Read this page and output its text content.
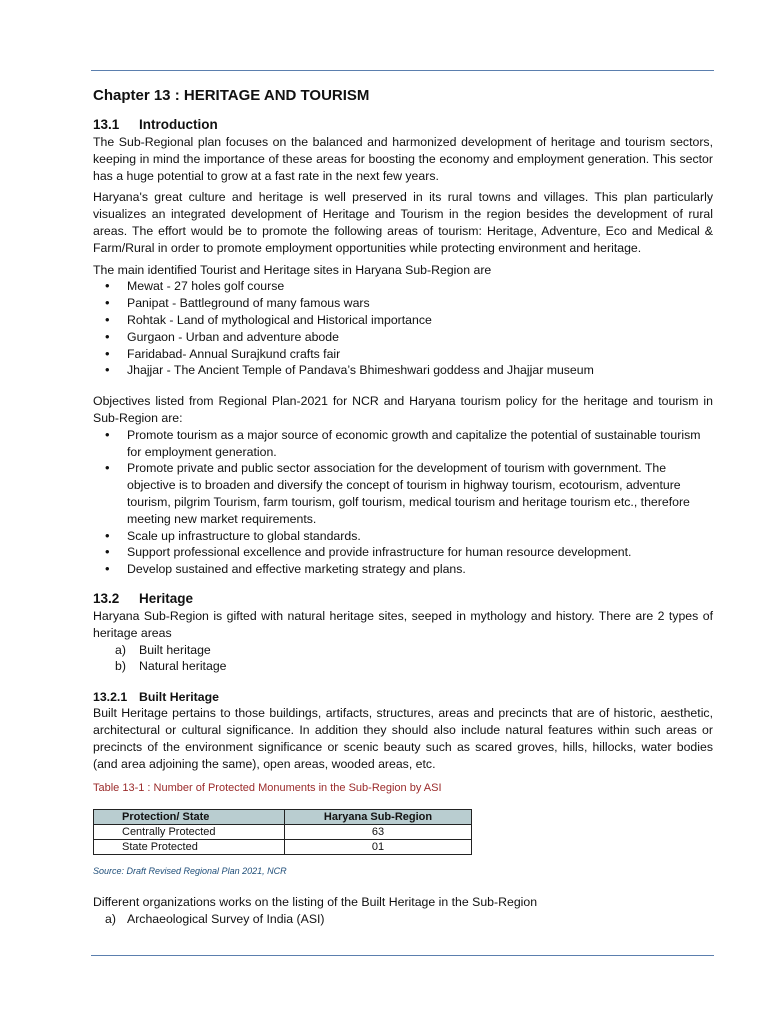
Chapter 13 : HERITAGE AND TOURISM
13.1 Introduction

The Sub-Regional plan focuses on the balanced and harmonized development of heritage and tourism sectors, keeping in mind the importance of these areas for boosting the economy and employment generation. This sector has a huge potential to grow at a fast rate in the next few years.

Haryana's great culture and heritage is well preserved in its rural towns and villages. This plan particularly visualizes an integrated development of Heritage and Tourism in the region besides the development of rural areas. The effort would be to promote the following areas of tourism: Heritage, Adventure, Eco and Medical & Farm/Rural in order to promote employment opportunities while protecting environment and heritage.

The main identified Tourist and Heritage sites in Haryana Sub-Region are

• Mewat - 27 holes golf course
• Panipat - Battleground of many famous wars
• Rohtak - Land of mythological and Historical importance
• Gurgaon - Urban and adventure abode
• Faridabad- Annual Surajkund crafts fair
• Jhajjar - The Ancient Temple of Pandava’s Bhimeshwari goddess and Jhajjar museum

Objectives listed from Regional Plan-2021 for NCR and Haryana tourism policy for the heritage and tourism in Sub-Region are:

• Promote tourism as a major source of economic growth and capitalize the potential of sustainable tourism for employment generation.
• Promote private and public sector association for the development of tourism with government. The objective is to broaden and diversify the concept of tourism in highway tourism, ecotourism, adventure tourism, pilgrim Tourism, farm tourism, golf tourism, medical tourism and heritage tourism etc., therefore meeting new market requirements.
• Scale up infrastructure to global standards.
• Support professional excellence and provide infrastructure for human resource development.
• Develop sustained and effective marketing strategy and plans.
13.2 Heritage

Haryana Sub-Region is gifted with natural heritage sites, seeped in mythology and history. There are 2 types of heritage areas

a) Built heritage
b) Natural heritage
13.2.1 Built Heritage

Built Heritage pertains to those buildings, artifacts, structures, areas and precincts that are of historic, aesthetic, architectural or cultural significance. In addition they should also include natural features within such areas or precincts of the environment significance or scenic beauty such as scared groves, hills, hillocks, water bodies (and area adjoining the same), open areas, wooded areas, etc.

Table 13-1 : Number of Protected Monuments in the Sub-Region by ASI
Protection/ State	Haryana Sub-Region
Centrally Protected	63
State Protected	01
Source: Draft Revised Regional Plan 2021, NCR

Different organizations works on the listing of the Built Heritage in the Sub-Region

a) Archaeological Survey of India (ASI)
